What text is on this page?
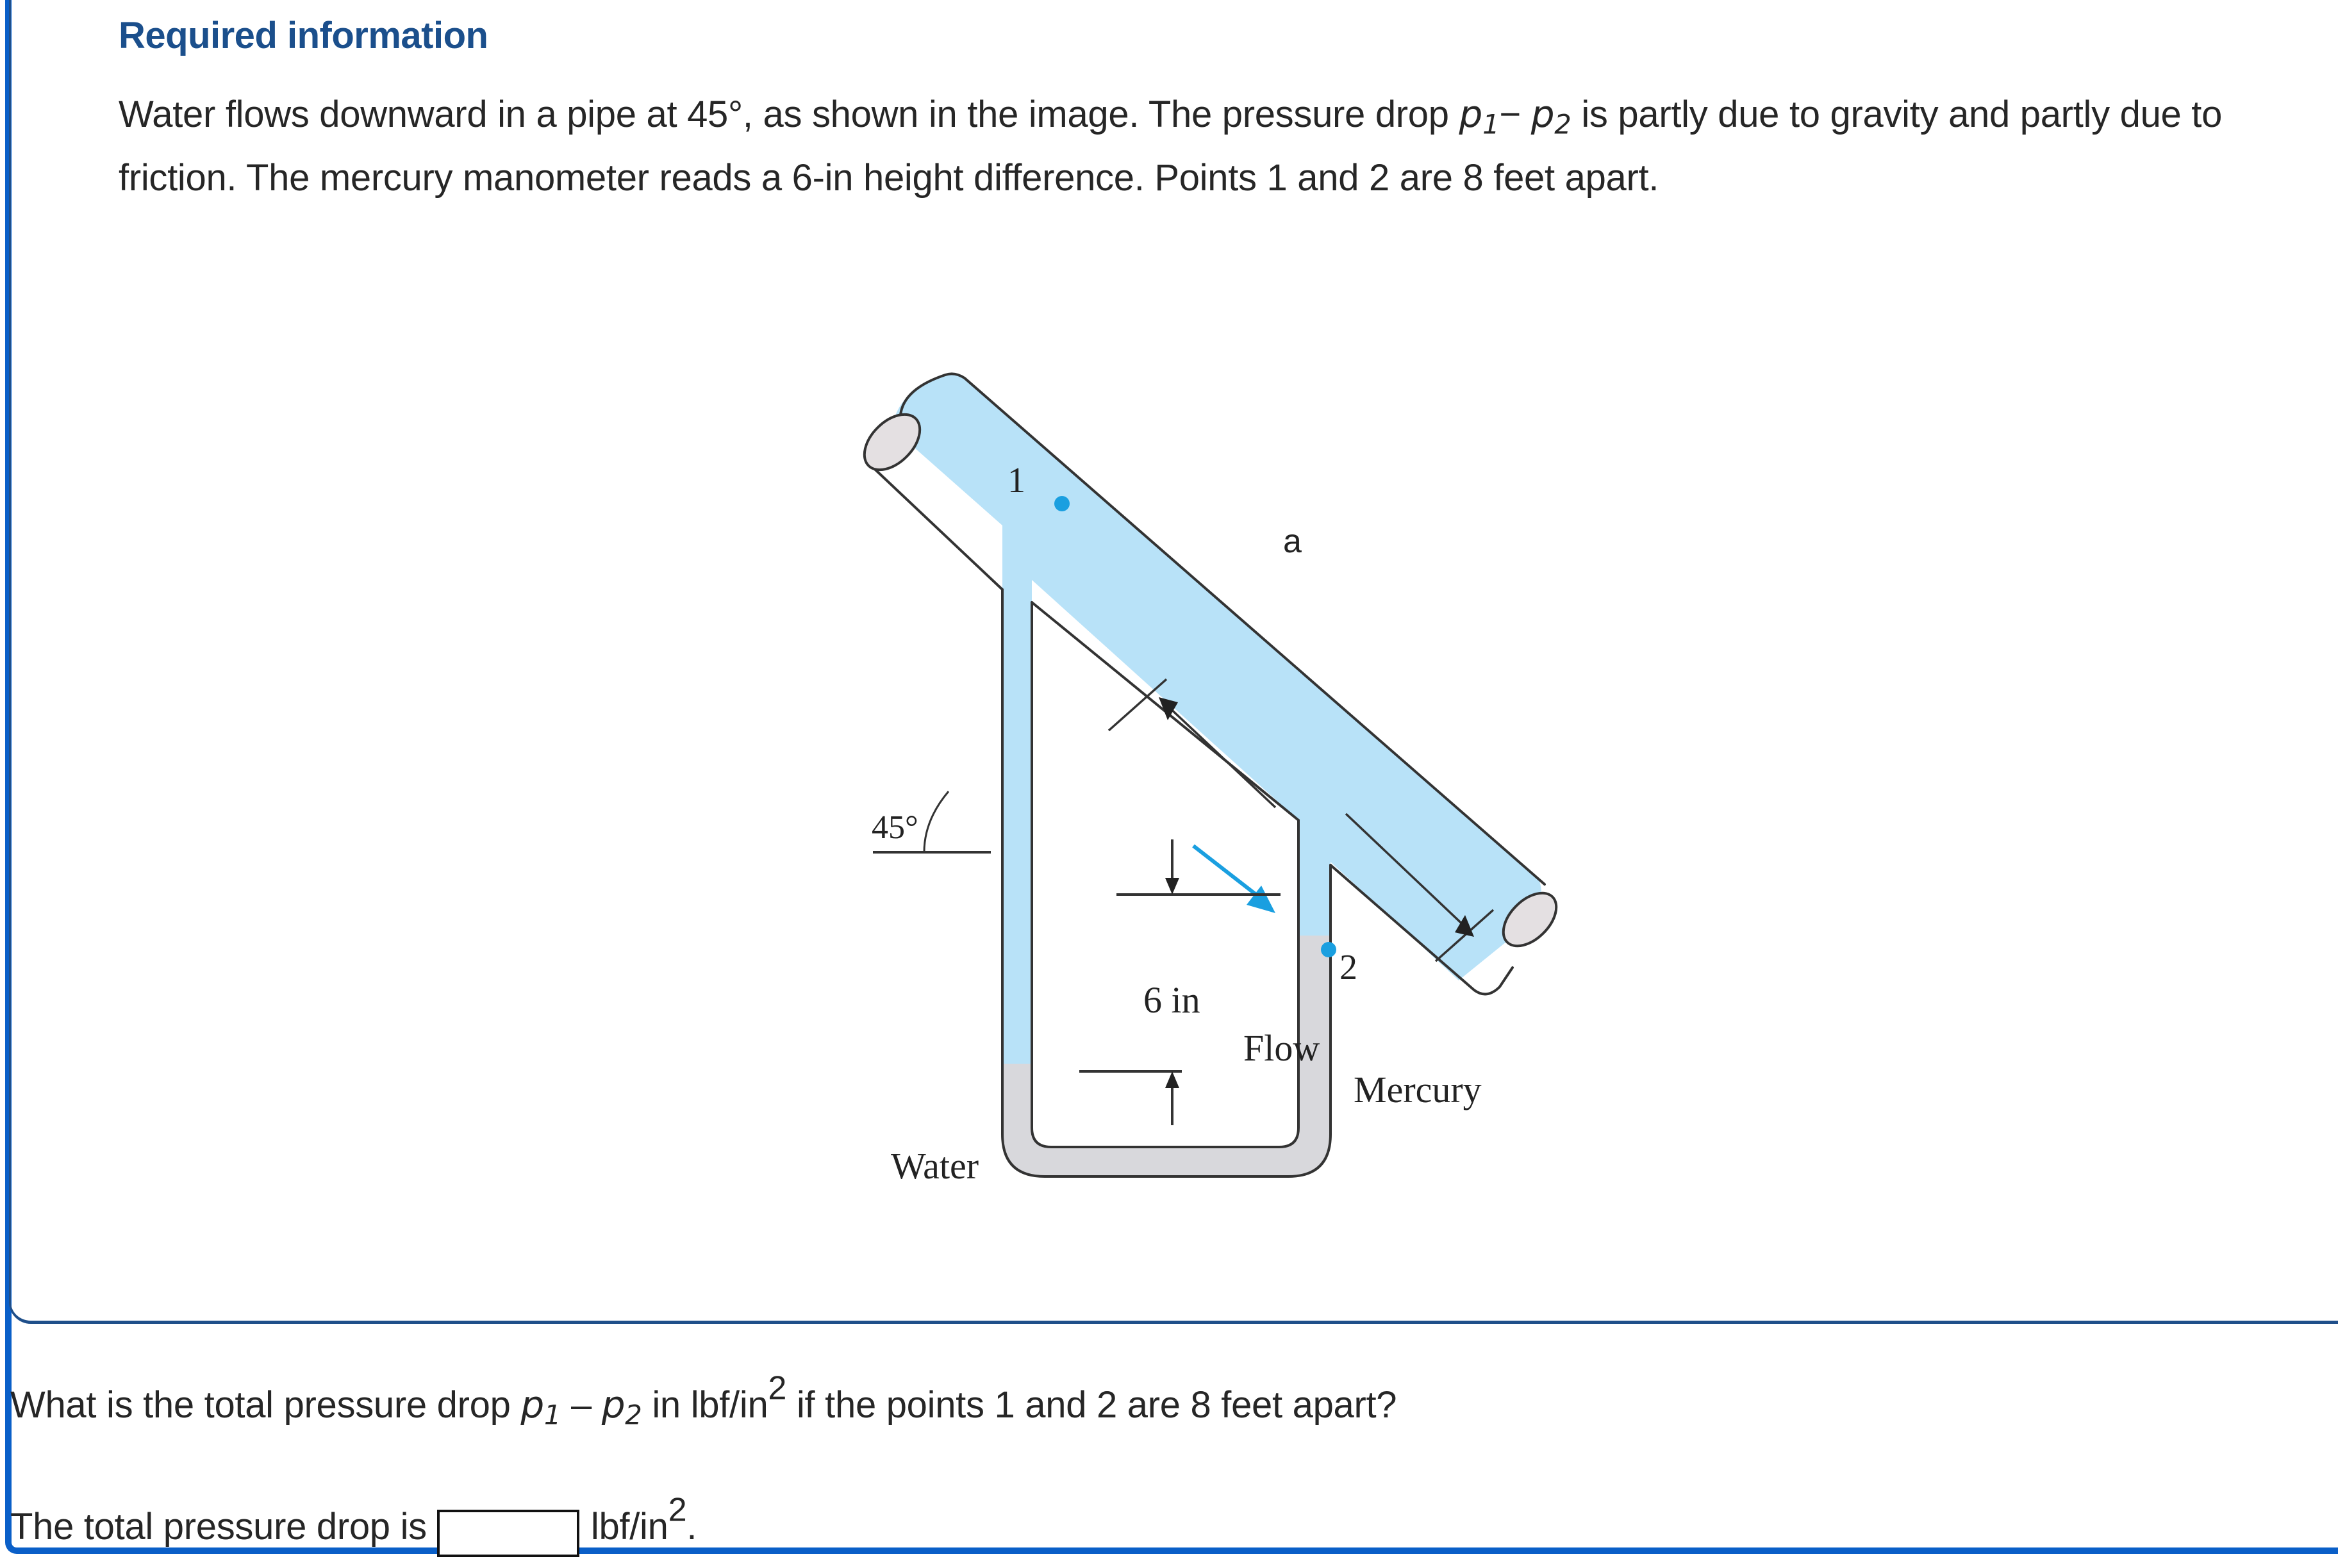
Required information
Water flows downward in a pipe at 45°, as shown in the image. The pressure drop $p_1- p_2$ is partly due to gravity and partly due to friction. The mercury manometer reads a 6-in height difference. Points 1 and 2 are 8 feet apart.
45°
1
2
a
Flow
Water
6 in
Mercury
What is the total pressure drop $p_1 - p_2$ in lbf/in2 if the points 1 and 2 are 8 feet apart?
The total pressure drop is	lbf/in2.
